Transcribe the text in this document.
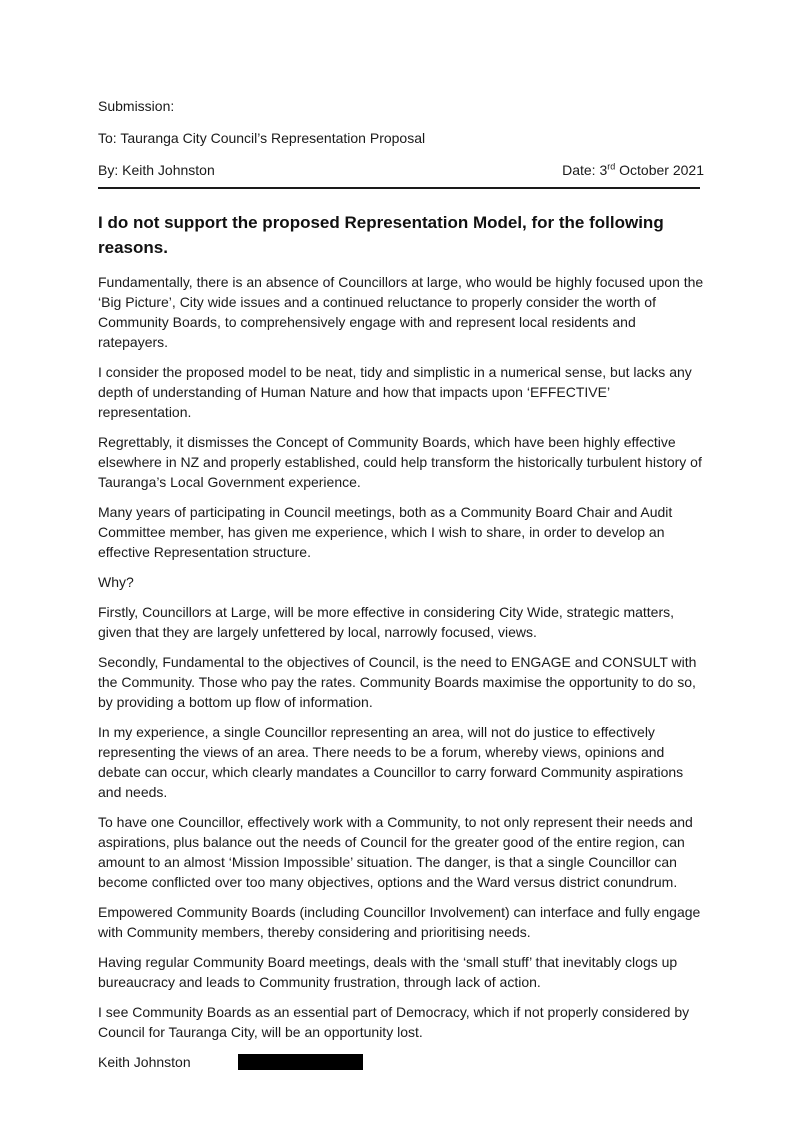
Submission:

To: Tauranga City Council’s Representation Proposal

By: Keith Johnston	Date: 3rd October 2021
I do not support the proposed Representation Model, for the following reasons.

Fundamentally, there is an absence of Councillors at large, who would be highly focused upon the ‘Big Picture’, City wide issues and a continued reluctance to properly consider the worth of Community Boards, to comprehensively engage with and represent local residents and ratepayers.

I consider the proposed model to be neat, tidy and simplistic in a numerical sense, but lacks any depth of understanding of Human Nature and how that impacts upon ‘EFFECTIVE’ representation.

Regrettably, it dismisses the Concept of Community Boards, which have been highly effective elsewhere in NZ and properly established, could help transform the historically turbulent history of Tauranga’s Local Government experience.

Many years of participating in Council meetings, both as a Community Board Chair and Audit Committee member, has given me experience, which I wish to share, in order to develop an effective Representation structure.

Why?

Firstly, Councillors at Large, will be more effective in considering City Wide, strategic matters, given that they are largely unfettered by local, narrowly focused, views.

Secondly, Fundamental to the objectives of Council, is the need to ENGAGE and CONSULT with the Community. Those who pay the rates. Community Boards maximise the opportunity to do so, by providing a bottom up flow of information.

In my experience, a single Councillor representing an area, will not do justice to effectively representing the views of an area. There needs to be a forum, whereby views, opinions and debate can occur, which clearly mandates a Councillor to carry forward Community aspirations and needs.

To have one Councillor, effectively work with a Community, to not only represent their needs and aspirations, plus balance out the needs of Council for the greater good of the entire region, can amount to an almost ‘Mission Impossible’ situation. The danger, is that a single Councillor can become conflicted over too many objectives, options and the Ward versus district conundrum.

Empowered Community Boards (including Councillor Involvement) can interface and fully engage with Community members, thereby considering and prioritising needs.

Having regular Community Board meetings, deals with the ‘small stuff’ that inevitably clogs up bureaucracy and leads to Community frustration, through lack of action.

I see Community Boards as an essential part of Democracy, which if not properly considered by Council for Tauranga City, will be an opportunity lost.

Keith Johnston
